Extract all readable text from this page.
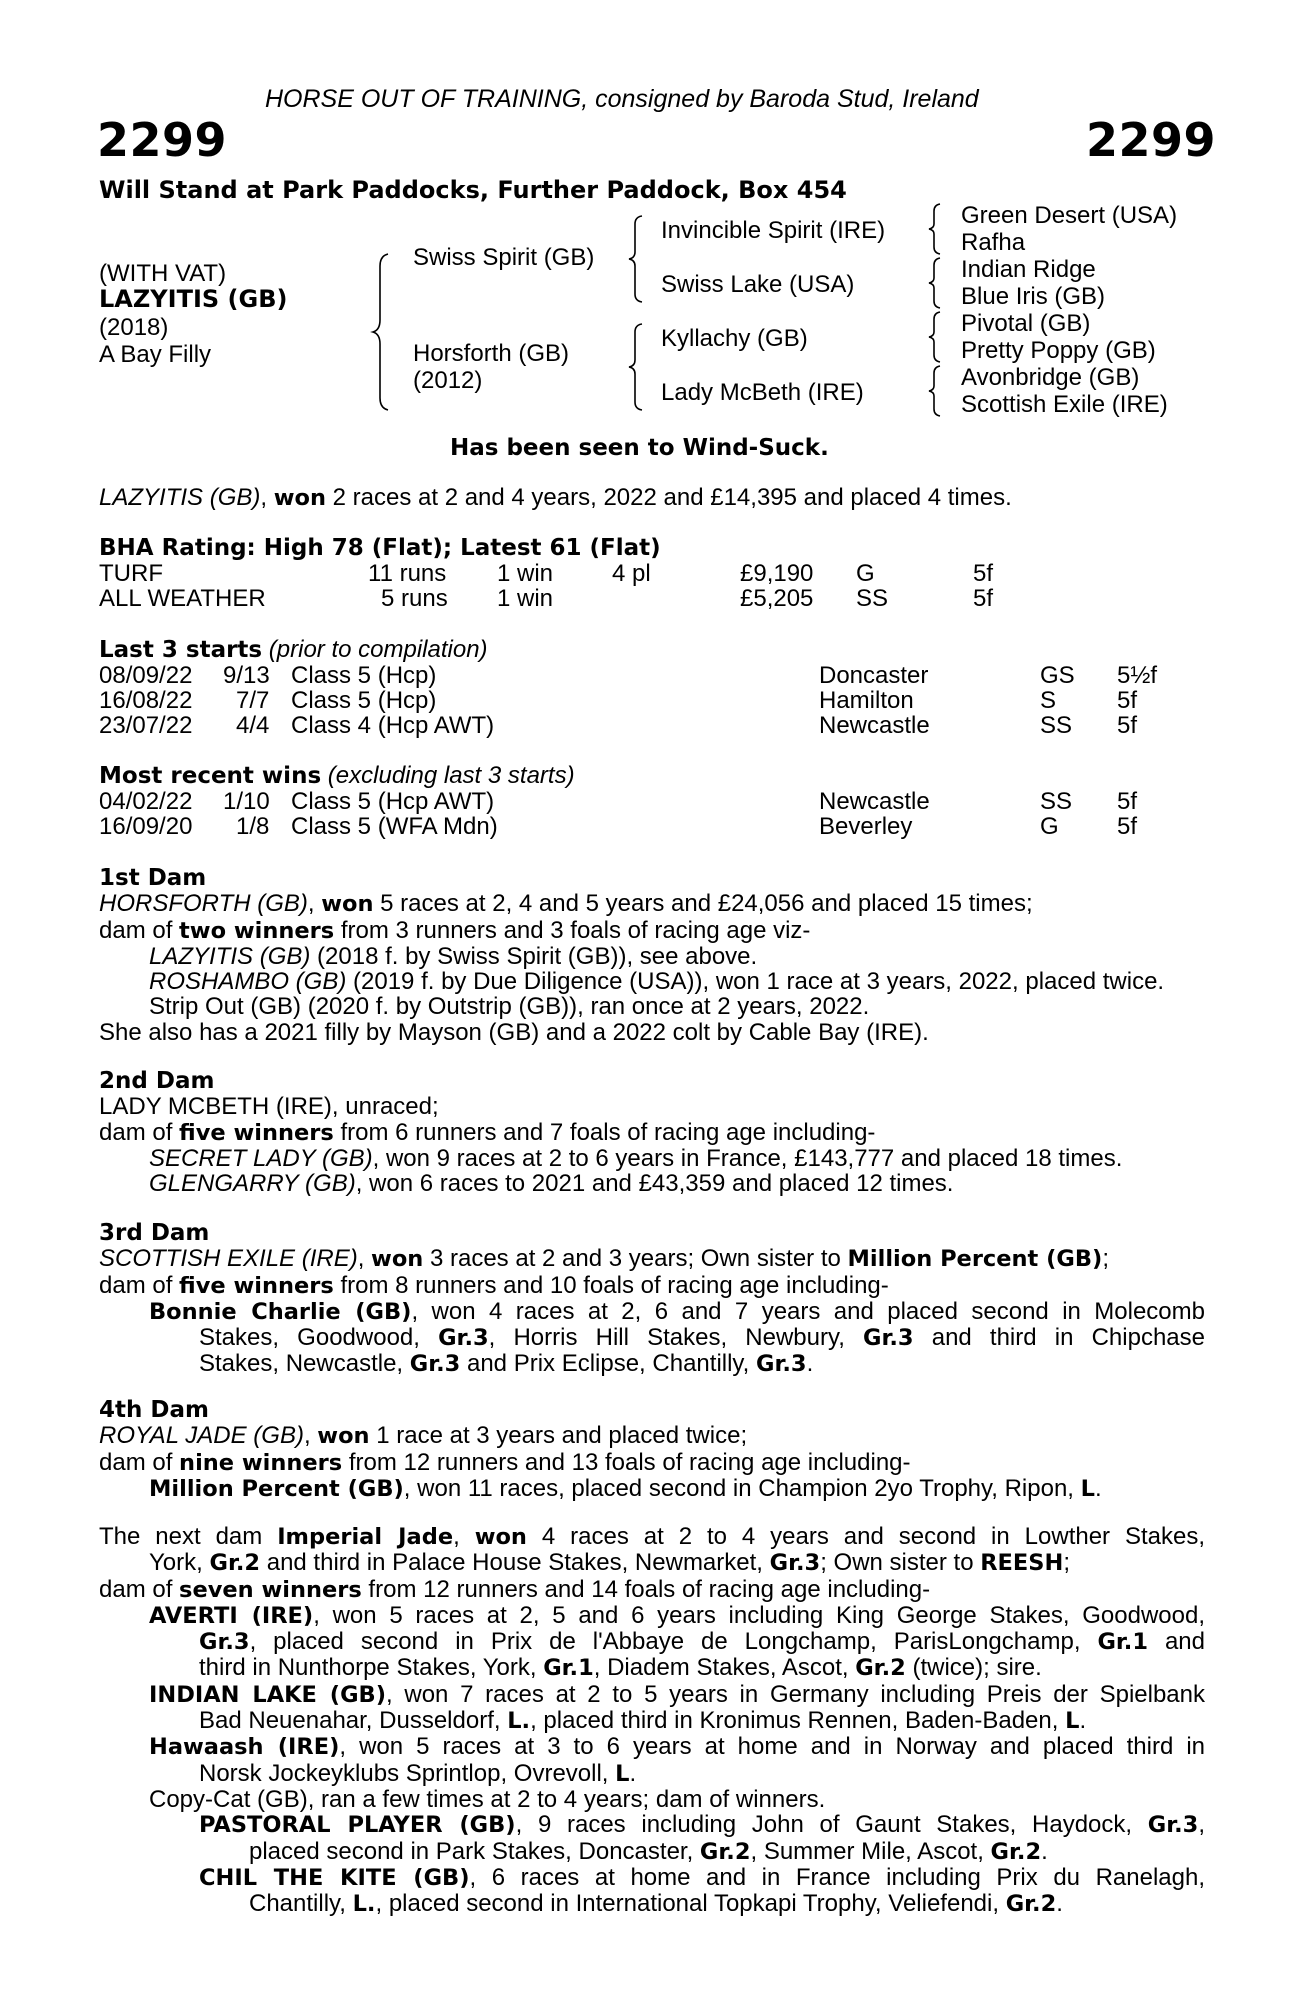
HORSE OUT OF TRAINING, consigned by Baroda Stud, Ireland
2299	2299
Will Stand at Park Paddocks, Further Paddock, Box 454
(WITH VAT)
LAZYITIS (GB)
(2018)
A Bay Filly
Swiss Spirit (GB)
Horsforth (GB)
(2012)
Invincible Spirit (IRE)
Swiss Lake (USA)
Kyllachy (GB)
Lady McBeth (IRE)
Green Desert (USA)
Rafha
Indian Ridge
Blue Iris (GB)
Pivotal (GB)
Pretty Poppy (GB)
Avonbridge (GB)
Scottish Exile (IRE)
Has been seen to Wind-Suck.
LAZYITIS (GB), won 2 races at 2 and 4 years, 2022 and £14,395 and placed 4 times.
BHA Rating: High 78 (Flat); Latest 61 (Flat)
TURF	11 runs 1 win 4 pl	£9,190 G	5f
ALL WEATHER	5 runs 1 win	£5,205 SS	5f
Last 3 starts (prior to compilation)
08/09/22 9/13 Class 5 (Hcp)	Doncaster	GS 5½f
16/08/22 7/7 Class 5 (Hcp)	Hamilton	S	5f
23/07/22 4/4 Class 4 (Hcp AWT)	Newcastle	SS 5f
Most recent wins (excluding last 3 starts)
04/02/22 1/10 Class 5 (Hcp AWT)	Newcastle	SS 5f
16/09/20 1/8 Class 5 (WFA Mdn)	Beverley	G 5f
1st Dam
HORSFORTH (GB), won 5 races at 2, 4 and 5 years and £24,056 and placed 15 times;
dam of two winners from 3 runners and 3 foals of racing age viz-
LAZYITIS (GB) (2018 f. by Swiss Spirit (GB)), see above.
ROSHAMBO (GB) (2019 f. by Due Diligence (USA)), won 1 race at 3 years, 2022, placed twice.
Strip Out (GB) (2020 f. by Outstrip (GB)), ran once at 2 years, 2022.
She also has a 2021 filly by Mayson (GB) and a 2022 colt by Cable Bay (IRE).
2nd Dam
LADY MCBETH (IRE), unraced;
dam of five winners from 6 runners and 7 foals of racing age including-
SECRET LADY (GB), won 9 races at 2 to 6 years in France, £143,777 and placed 18 times.
GLENGARRY (GB), won 6 races to 2021 and £43,359 and placed 12 times.
3rd Dam
SCOTTISH EXILE (IRE), won 3 races at 2 and 3 years; Own sister to Million Percent (GB);
dam of five winners from 8 runners and 10 foals of racing age including-
Bonnie Charlie (GB), won 4 races at 2, 6 and 7 years and placed second in Molecomb
Stakes, Goodwood, Gr.3, Horris Hill Stakes, Newbury, Gr.3 and third in Chipchase
Stakes, Newcastle, Gr.3 and Prix Eclipse, Chantilly, Gr.3.
4th Dam
ROYAL JADE (GB), won 1 race at 3 years and placed twice;
dam of nine winners from 12 runners and 13 foals of racing age including-
Million Percent (GB), won 11 races, placed second in Champion 2yo Trophy, Ripon, L.
The next dam Imperial Jade, won 4 races at 2 to 4 years and second in Lowther Stakes,
York, Gr.2 and third in Palace House Stakes, Newmarket, Gr.3; Own sister to REESH;
dam of seven winners from 12 runners and 14 foals of racing age including-
AVERTI (IRE), won 5 races at 2, 5 and 6 years including King George Stakes, Goodwood,
Gr.3, placed second in Prix de l'Abbaye de Longchamp, ParisLongchamp, Gr.1 and
third in Nunthorpe Stakes, York, Gr.1, Diadem Stakes, Ascot, Gr.2 (twice); sire.
INDIAN LAKE (GB), won 7 races at 2 to 5 years in Germany including Preis der Spielbank
Bad Neuenahar, Dusseldorf, L., placed third in Kronimus Rennen, Baden-Baden, L.
Hawaash (IRE), won 5 races at 3 to 6 years at home and in Norway and placed third in
Norsk Jockeyklubs Sprintlop, Ovrevoll, L.
Copy-Cat (GB), ran a few times at 2 to 4 years; dam of winners.
PASTORAL PLAYER (GB), 9 races including John of Gaunt Stakes, Haydock, Gr.3,
placed second in Park Stakes, Doncaster, Gr.2, Summer Mile, Ascot, Gr.2.
CHIL THE KITE (GB), 6 races at home and in France including Prix du Ranelagh,
Chantilly, L., placed second in International Topkapi Trophy, Veliefendi, Gr.2.
